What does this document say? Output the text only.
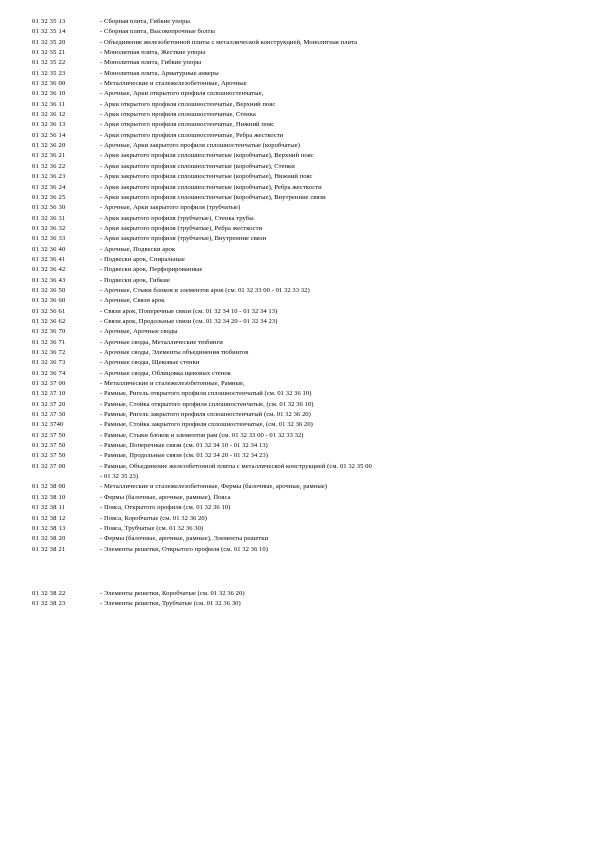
01 32 35 13	- Сборная плита, Гибкие упоры
01 32 35 14	- Сборная плита, Высокопрочные болты
01 32 35 20	- Объединение железобетонной плиты с металлической конструкцией, Монолитная плита
01 32 35 21	- Монолитная плита, Жесткие упоры
01 32 35 22	- Монолитная плита, Гибкие упоры
01 32 35 23	- Монолитная плита, Арматурные анкеры
01 32 36 00	- Металлические и сталежелезобетонные, Арочные
01 32 36 10	- Арочные, Арки открытого профиля сплошностенчатые,
01 32 36 11	- Арки открытого профиля сплошностенчатые, Верхний пояс
01 32 36 12	- Арки открытого профиля сплошностенчатые, Стенка
01 32 36 13	- Арки открытого профиля сплошностенчатые, Нижний пояс
01 32 36 14	- Арки открытого профиля сплошностенчатые, Ребра жесткости
01 32 36 20	- Арочные, Арки закрытого профиля сплошностенчатые (коробчатые)
01 32 36 21	- Арки закрытого профиля сплошностенчатые (коробчатые), Верхний пояс
01 32 36 22	- Арки закрытого профиля сплошностенчатые (коробчатые), Стенки
01 32 36 23	- Арки закрытого профиля сплошностенчатые (коробчатые), Нижний пояс
01 32 36 24	- Арки закрытого профиля сплошностенчатые (коробчатые), Ребра жесткости
01 32 36 25	- Арки закрытого профиля сплошностенчатые (коробчатые), Внутренние связи
01 32 36 30	- Арочные, Арки закрытого профиля (трубчатые)
01 32 36 31	- Арки закрытого профиля (трубчатые), Стенка трубы
01 32 36 32	- Арки закрытого профиля (трубчатые), Ребра жесткости
01 32 36 33	- Арки закрытого профиля (трубчатые), Внутренние связи
01 32 36 40	- Арочные, Подвески арок
01 32 36 41	- Подвески арок, Спиральные
01 32 36 42	- Подвески арок, Перфорированные
01 32 36 43	- Подвески арок, Гибкие
01 32 36 50	- Арочные, Стыки блоков и элементов арок (см. 01 32 33 00 - 01 32 33 32)
01 32 36 60	- Арочные, Связи арок
01 32 36 61	- Связи арок, Поперечные связи (см. 01 32 34 10 - 01 32 34 13)
01 32 36 62	- Связи арок, Продольные связи (см. 01 32 34 20 - 01 32 34 23)
01 32 36 70	- Арочные, Арочные своды
01 32 36 71	- Арочные своды, Металлические тюбинги
01 32 36 72	- Арочные своды, Элементы объединения тюбингов
01 32 36 73	- Арочные своды, Щековые стенки
01 32 36 74	- Арочные своды, Облицовка щековых стенок
01 32 37 00	- Металлические и сталежелезобетонные, Рамные,
01 32 37 10	- Рамные, Ригель открытого профиля сплошностенчатый (см. 01 32 36 10)
01 32 37 20	- Рамные, Стойка открытого профиля сплошностенчатые, (см. 01 32 36 10)
01 32 37 30	- Рамные, Ригель закрытого профиля сплошностенчатый (см. 01 32 36 20)
01 32 3740	- Рамные, Стойка закрытого профиля сплошностенчатые, (см. 01 32 36 20)
01 32 37 50	- Рамные, Стыки блоков и элементов рам (см. 01 32 33 00 - 01 32 33 32)
01 32 37 50	- Рамные, Поперечные связи (см. 01 32 34 10 - 01 32 34 13)
01 32 37 50	- Рамные, Продольные связи (см. 01 32 34 20 - 01 32 34 23)
01 32 37 00	- Рамные, Объединение железобетонной плиты с металлической конструкцией (см. 01 32 35 00 - 01 32 35 23)
01 32 38 00	- Металлические и сталежелезобетонные, Фермы (балочные, арочные, рамные)
01 32 38 10	- Фермы (балочные, арочные, рамные), Пояса
01 32 38 11	- Пояса, Открытого профиля (см. 01 32 36 10)
01 32 38 12	- Пояса, Коробчатые (см. 01 32 36 20)
01 32 38 13	- Пояса, Трубчатые (см. 01 32 36 30)
01 32 38 20	- Фермы (балочные, арочные, рамные), Элементы решетки
01 32 38 21	- Элементы решетки, Открытого профиля (см. 01 32 36 10)
01 32 38 22	- Элементы решетки, Коробчатые (см. 01 32 36 20)
01 32 38 23	- Элементы решетки, Трубчатые (см. 01 32 36 30)
